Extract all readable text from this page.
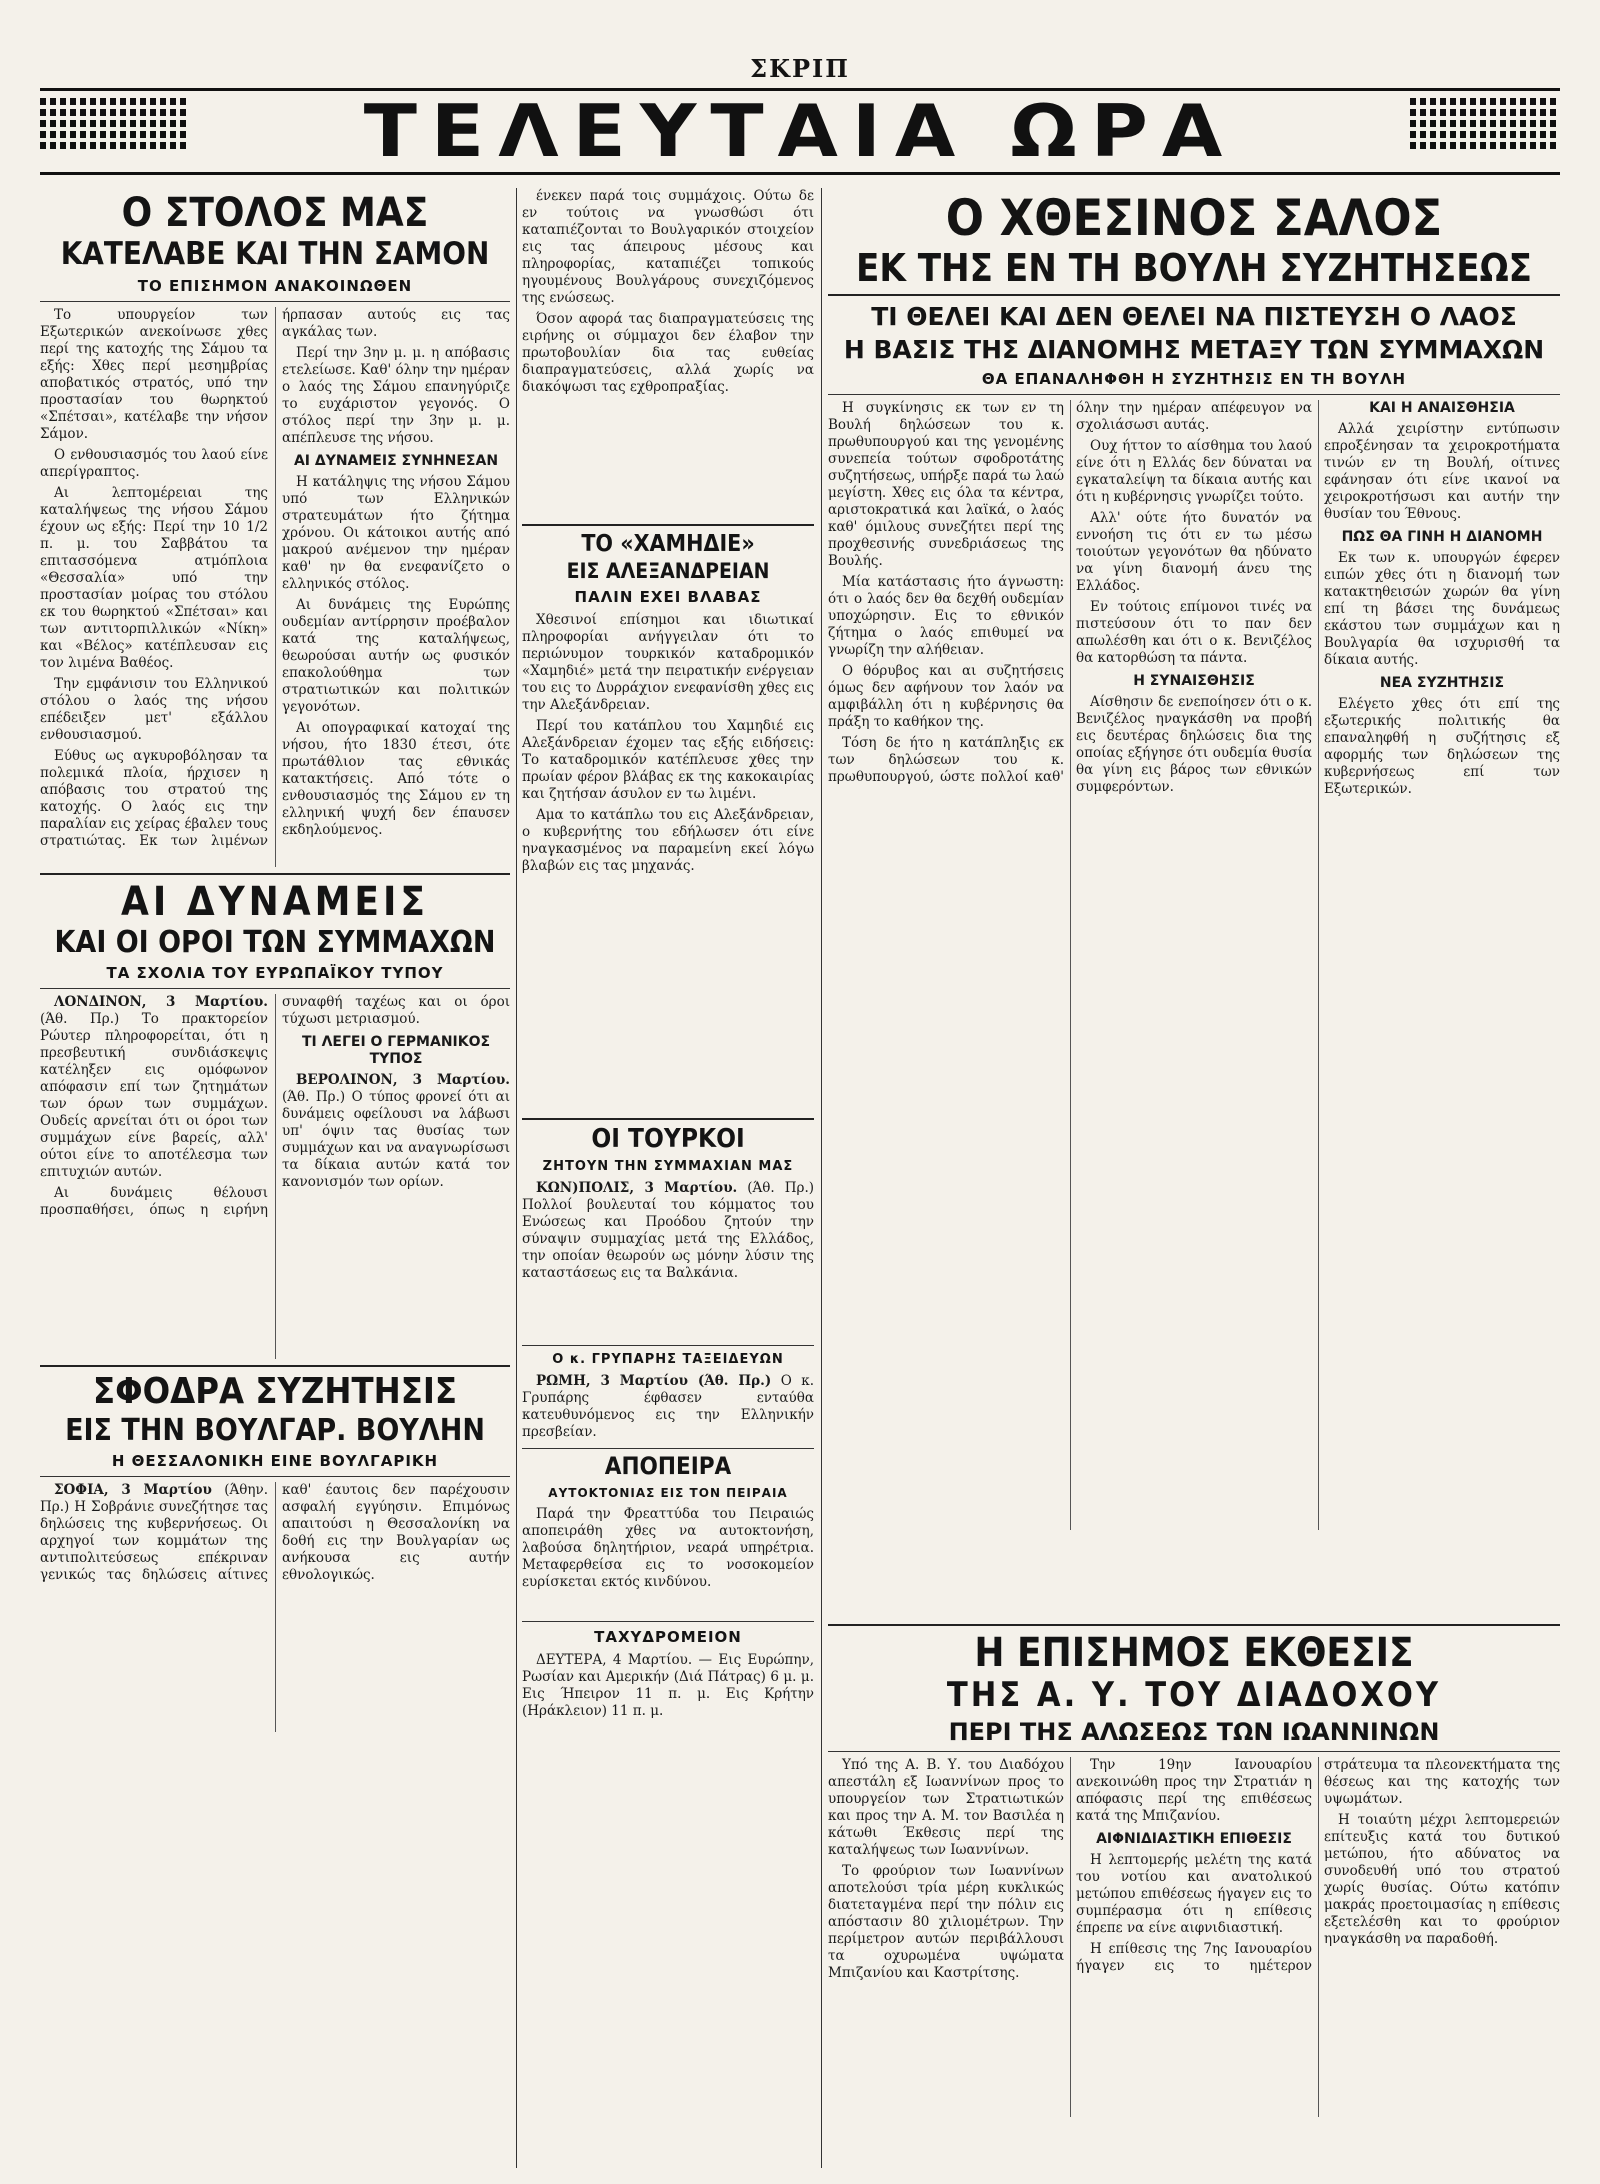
ΣΚΡΙΠ
ΤΕΛΕΥΤΑΙΑ ΩΡΑ
Ο ΣΤΟΛΟΣ ΜΑΣ
ΚΑΤΕΛΑΒΕ ΚΑΙ ΤΗΝ ΣΑΜΟΝ
ΤΟ ΕΠΙΣΗΜΟΝ ΑΝΑΚΟΙΝΩΘΕΝ

Το υπουργείον των Εξωτερικών ανεκοίνωσε χθες περί της κατοχής της Σάμου τα εξής: Χθες περί μεσημβρίας αποβατικός στρατός, υπό την προστασίαν του θωρηκτού «Σπέτσαι», κατέλαβε την νήσον Σάμον.

Ο ενθουσιασμός του λαού είνε απερίγραπτος.

Αι λεπτομέρειαι της καταλήψεως της νήσου Σάμου έχουν ως εξής: Περί την 10 1/2 π. μ. του Σαββάτου τα επιτασσόμενα ατμόπλοια «Θεσσαλία» υπό την προστασίαν μοίρας του στόλου εκ του θωρηκτού «Σπέτσαι» και των αντιτορπιλλικών «Νίκη» και «Βέλος» κατέπλευσαν εις τον λιμένα Βαθέος.

Την εμφάνισιν του Ελληνικού στόλου ο λαός της νήσου επέδειξεν μετ' εξάλλου ενθουσιασμού.

Εύθυς ως αγκυροβόλησαν τα πολεμικά πλοία, ήρχισεν η απόβασις του στρατού της κατοχής. Ο λαός εις την παραλίαν εις χείρας έβαλεν τους στρατιώτας. Εκ των λιμένων ήρπασαν αυτούς εις τας αγκάλας των.

Περί την 3ην μ. μ. η απόβασις ετελείωσε. Καθ' όλην την ημέραν ο λαός της Σάμου επανηγύριζε το ευχάριστον γεγονός. Ο στόλος περί την 3ην μ. μ. απέπλευσε της νήσου.

ΑΙ ΔΥΝΑΜΕΙΣ ΣΥΝΗΝΕΣΑΝ

Η κατάληψις της νήσου Σάμου υπό των Ελληνικών στρατευμάτων ήτο ζήτημα χρόνου. Οι κάτοικοι αυτής από μακρού ανέμενον την ημέραν καθ' ην θα ενεφανίζετο ο ελληνικός στόλος.

Αι δυνάμεις της Ευρώπης ουδεμίαν αντίρρησιν προέβαλον κατά της καταλήψεως, θεωρούσαι αυτήν ως φυσικόν επακολούθημα των στρατιωτικών και πολιτικών γεγονότων.

Αι οπογραφικαί κατοχαί της νήσου, ήτο 1830 έτεσι, ότε πρωτάθλιον τας εθνικάς κατακτήσεις. Από τότε ο ενθουσιασμός της Σάμου εν τη ελληνική ψυχή δεν έπαυσεν εκδηλούμενος.

ΑΙ ΔΥΝΑΜΕΙΣ
ΚΑΙ ΟΙ ΟΡΟΙ ΤΩΝ ΣΥΜΜΑΧΩΝ
ΤΑ ΣΧΟΛΙΑ ΤΟΥ ΕΥΡΩΠΑΪΚΟΥ ΤΥΠΟΥ

ΛΟΝΔΙΝΟΝ, 3 Μαρτίου. (Άθ. Πρ.) Το πρακτορείον Ρώυτερ πληροφορείται, ότι η πρεσβευτική συνδιάσκεψις κατέληξεν εις ομόφωνον απόφασιν επί των ζητημάτων των όρων των συμμάχων. Ουδείς αρνείται ότι οι όροι των συμμάχων είνε βαρείς, αλλ' ούτοι είνε το αποτέλεσμα των επιτυχιών αυτών.

Αι δυνάμεις θέλουσι προσπαθήσει, όπως η ειρήνη συναφθή ταχέως και οι όροι τύχωσι μετριασμού.

ΤΙ ΛΕΓΕΙ Ο ΓΕΡΜΑΝΙΚΟΣ ΤΥΠΟΣ

ΒΕΡΟΛΙΝΟΝ, 3 Μαρτίου. (Άθ. Πρ.) Ο τύπος φρονεί ότι αι δυνάμεις οφείλουσι να λάβωσι υπ' όψιν τας θυσίας των συμμάχων και να αναγνωρίσωσι τα δίκαια αυτών κατά τον κανονισμόν των ορίων.

ΣΦΟΔΡΑ ΣΥΖΗΤΗΣΙΣ
ΕΙΣ ΤΗΝ ΒΟΥΛΓΑΡ. ΒΟΥΛΗΝ
Η ΘΕΣΣΑΛΟΝΙΚΗ ΕΙΝΕ ΒΟΥΛΓΑΡΙΚΗ

ΣΟΦΙΑ, 3 Μαρτίου (Άθην. Πρ.) Η Σοβράνιε συνεζήτησε τας δηλώσεις της κυβερνήσεως. Οι αρχηγοί των κομμάτων της αντιπολιτεύσεως επέκριναν γενικώς τας δηλώσεις αίτινες καθ' έαυτοις δεν παρέχουσιν ασφαλή εγγύησιν. Επιμόνως απαιτούσι η Θεσσαλονίκη να δοθή εις την Βουλγαρίαν ως ανήκουσα εις αυτήν εθνολογικώς.

ένεκεν παρά τοις συμμάχοις. Ούτω δε εν τούτοις να γνωσθώσι ότι καταπιέζονται το Βουλγαρικόν στοιχείον εις τας άπειρους μέσους και πληροφορίας, καταπιέζει τοπικούς ηγουμένους Βουλγάρους συνεχιζόμενος της ενώσεως.

Όσον αφορά τας διαπραγματεύσεις της ειρήνης οι σύμμαχοι δεν έλαβον την πρωτοβουλίαν δια τας ευθείας διαπραγματεύσεις, αλλά χωρίς να διακόψωσι τας εχθροπραξίας.

ΤΟ «ΧΑΜΗΔΙΕ»
ΕΙΣ ΑΛΕΞΑΝΔΡΕΙΑΝ
ΠΑΛΙΝ ΕΧΕΙ ΒΛΑΒΑΣ

Χθεσινοί επίσημοι και ιδιωτικαί πληροφορίαι ανήγγειλαν ότι το περιώνυμον τουρκικόν καταδρομικόν «Χαμηδιέ» μετά την πειρατικήν ενέργειαν του εις το Δυρράχιον ενεφανίσθη χθες εις την Αλεξάνδρειαν.

Περί του κατάπλου του Χαμηδιέ εις Αλεξάνδρειαν έχομεν τας εξής ειδήσεις: Το καταδρομικόν κατέπλευσε χθες την πρωίαν φέρον βλάβας εκ της κακοκαιρίας και ζητήσαν άσυλον εν τω λιμένι.

Αμα το κατάπλω του εις Αλεξάνδρειαν, ο κυβερνήτης του εδήλωσεν ότι είνε ηναγκασμένος να παραμείνη εκεί λόγω βλαβών εις τας μηχανάς.

ΟΙ ΤΟΥΡΚΟΙ
ΖΗΤΟΥΝ ΤΗΝ ΣΥΜΜΑΧΙΑΝ ΜΑΣ

ΚΩΝ)ΠΟΛΙΣ, 3 Μαρτίου. (Άθ. Πρ.) Πολλοί βουλευταί του κόμματος του Ενώσεως και Προόδου ζητούν την σύναψιν συμμαχίας μετά της Ελλάδος, την οποίαν θεωρούν ως μόνην λύσιν της καταστάσεως εις τα Βαλκάνια.

Ο κ. ΓΡΥΠΑΡΗΣ ΤΑΞΕΙΔΕΥΩΝ

ΡΩΜΗ, 3 Μαρτίου (Άθ. Πρ.) Ο κ. Γρυπάρης έφθασεν ενταύθα κατευθυνόμενος εις την Ελληνικήν πρεσβείαν.

ΑΠΟΠΕΙΡΑ
ΑΥΤΟΚΤΟΝΙΑΣ ΕΙΣ ΤΟΝ ΠΕΙΡΑΙΑ

Παρά την Φρεαττύδα του Πειραιώς αποπειράθη χθες να αυτοκτονήση, λαβούσα δηλητήριον, νεαρά υπηρέτρια. Μεταφερθείσα εις το νοσοκομείον ευρίσκεται εκτός κινδύνου.

ΤΑΧΥΔΡΟΜΕΙΟΝ

ΔΕΥΤΕΡΑ, 4 Μαρτίου. — Εις Ευρώπην, Ρωσίαν και Αμερικήν (Διά Πάτρας) 6 μ. μ. Εις Ήπειρον 11 π. μ. Εις Κρήτην (Ηράκλειον) 11 π. μ.

Ο ΧΘΕΣΙΝΟΣ ΣΑΛΟΣ
ΕΚ ΤΗΣ ΕΝ ΤΗ ΒΟΥΛΗ ΣΥΖΗΤΗΣΕΩΣ
ΤΙ ΘΕΛΕΙ ΚΑΙ ΔΕΝ ΘΕΛΕΙ ΝΑ ΠΙΣΤΕΥΣΗ Ο ΛΑΟΣ
Η ΒΑΣΙΣ ΤΗΣ ΔΙΑΝΟΜΗΣ ΜΕΤΑΞΥ ΤΩΝ ΣΥΜΜΑΧΩΝ
ΘΑ ΕΠΑΝΑΛΗΦΘΗ Η ΣΥΖΗΤΗΣΙΣ ΕΝ ΤΗ ΒΟΥΛΗ

Η συγκίνησις εκ των εν τη Βουλή δηλώσεων του κ. πρωθυπουργού και της γενομένης συνεπεία τούτων σφοδροτάτης συζητήσεως, υπήρξε παρά τω λαώ μεγίστη. Χθες εις όλα τα κέντρα, αριστοκρατικά και λαϊκά, ο λαός καθ' όμιλους συνεζήτει περί της προχθεσινής συνεδριάσεως της Βουλής.

Μία κατάστασις ήτο άγνωστη: ότι ο λαός δεν θα δεχθή ουδεμίαν υποχώρησιν. Εις το εθνικόν ζήτημα ο λαός επιθυμεί να γνωρίζη την αλήθειαν.

Ο θόρυβος και αι συζητήσεις όμως δεν αφήνουν τον λαόν να αμφιβάλλη ότι η κυβέρνησις θα πράξη το καθήκον της.

Τόση δε ήτο η κατάπληξις εκ των δηλώσεων του κ. πρωθυπουργού, ώστε πολλοί καθ' όλην την ημέραν απέφευγον να σχολιάσωσι αυτάς.

Ουχ ήττον το αίσθημα του λαού είνε ότι η Ελλάς δεν δύναται να εγκαταλείψη τα δίκαια αυτής και ότι η κυβέρνησις γνωρίζει τούτο.

Αλλ' ούτε ήτο δυνατόν να εννοήση τις ότι εν τω μέσω τοιούτων γεγονότων θα ηδύνατο να γίνη διανομή άνευ της Ελλάδος.

Εν τούτοις επίμονοι τινές να πιστεύσουν ότι το παν δεν απωλέσθη και ότι ο κ. Βενιζέλος θα κατορθώση τα πάντα.

Η ΣΥΝΑΙΣΘΗΣΙΣ

Αίσθησιν δε ενεποίησεν ότι ο κ. Βενιζέλος ηναγκάσθη να προβή εις δευτέρας δηλώσεις δια της οποίας εξήγησε ότι ουδεμία θυσία θα γίνη εις βάρος των εθνικών συμφερόντων.

ΚΑΙ Η ΑΝΑΙΣΘΗΣΙΑ

Αλλά χειρίστην εντύπωσιν επροξένησαν τα χειροκροτήματα τινών εν τη Βουλή, οίτινες εφάνησαν ότι είνε ικανοί να χειροκροτήσωσι και αυτήν την θυσίαν του Έθνους.

ΠΩΣ ΘΑ ΓΙΝΗ Η ΔΙΑΝΟΜΗ

Εκ των κ. υπουργών έφερεν ειπών χθες ότι η διανομή των κατακτηθεισών χωρών θα γίνη επί τη βάσει της δυνάμεως εκάστου των συμμάχων και η Βουλγαρία θα ισχυρισθή τα δίκαια αυτής.

ΝΕΑ ΣΥΖΗΤΗΣΙΣ

Ελέγετο χθες ότι επί της εξωτερικής πολιτικής θα επαναληφθή η συζήτησις εξ αφορμής των δηλώσεων της κυβερνήσεως επί των Εξωτερικών.

Η ΕΠΙΣΗΜΟΣ ΕΚΘΕΣΙΣ
ΤΗΣ Α. Υ. ΤΟΥ ΔΙΑΔΟΧΟΥ
ΠΕΡΙ ΤΗΣ ΑΛΩΣΕΩΣ ΤΩΝ ΙΩΑΝΝΙΝΩΝ

Υπό της Α. Β. Υ. του Διαδόχου απεστάλη εξ Ιωαννίνων προς το υπουργείον των Στρατιωτικών και προς την Α. Μ. τον Βασιλέα η κάτωθι Έκθεσις περί της καταλήψεως των Ιωαννίνων.

Το φρούριον των Ιωαννίνων αποτελούσι τρία μέρη κυκλικώς διατεταγμένα περί την πόλιν εις απόστασιν 80 χιλιομέτρων. Την περίμετρον αυτών περιβάλλουσι τα οχυρωμένα υψώματα Μπιζανίου και Καστρίτσης.

Την 19ην Ιανουαρίου ανεκοινώθη προς την Στρατιάν η απόφασις περί της επιθέσεως κατά της Μπιζανίου.

ΑΙΦΝΙΔΙΑΣΤΙΚΗ ΕΠΙΘΕΣΙΣ

Η λεπτομερής μελέτη της κατά του νοτίου και ανατολικού μετώπου επιθέσεως ήγαγεν εις το συμπέρασμα ότι η επίθεσις έπρεπε να είνε αιφνιδιαστική.

Η επίθεσις της 7ης Ιανουαρίου ήγαγεν εις το ημέτερον στράτευμα τα πλεονεκτήματα της θέσεως και της κατοχής των υψωμάτων.

Η τοιαύτη μέχρι λεπτομερειών επίτευξις κατά του δυτικού μετώπου, ήτο αδύνατος να συνοδευθή υπό του στρατού χωρίς θυσίας. Ούτω κατόπιν μακράς προετοιμασίας η επίθεσις εξετελέσθη και το φρούριον ηναγκάσθη να παραδοθή.
